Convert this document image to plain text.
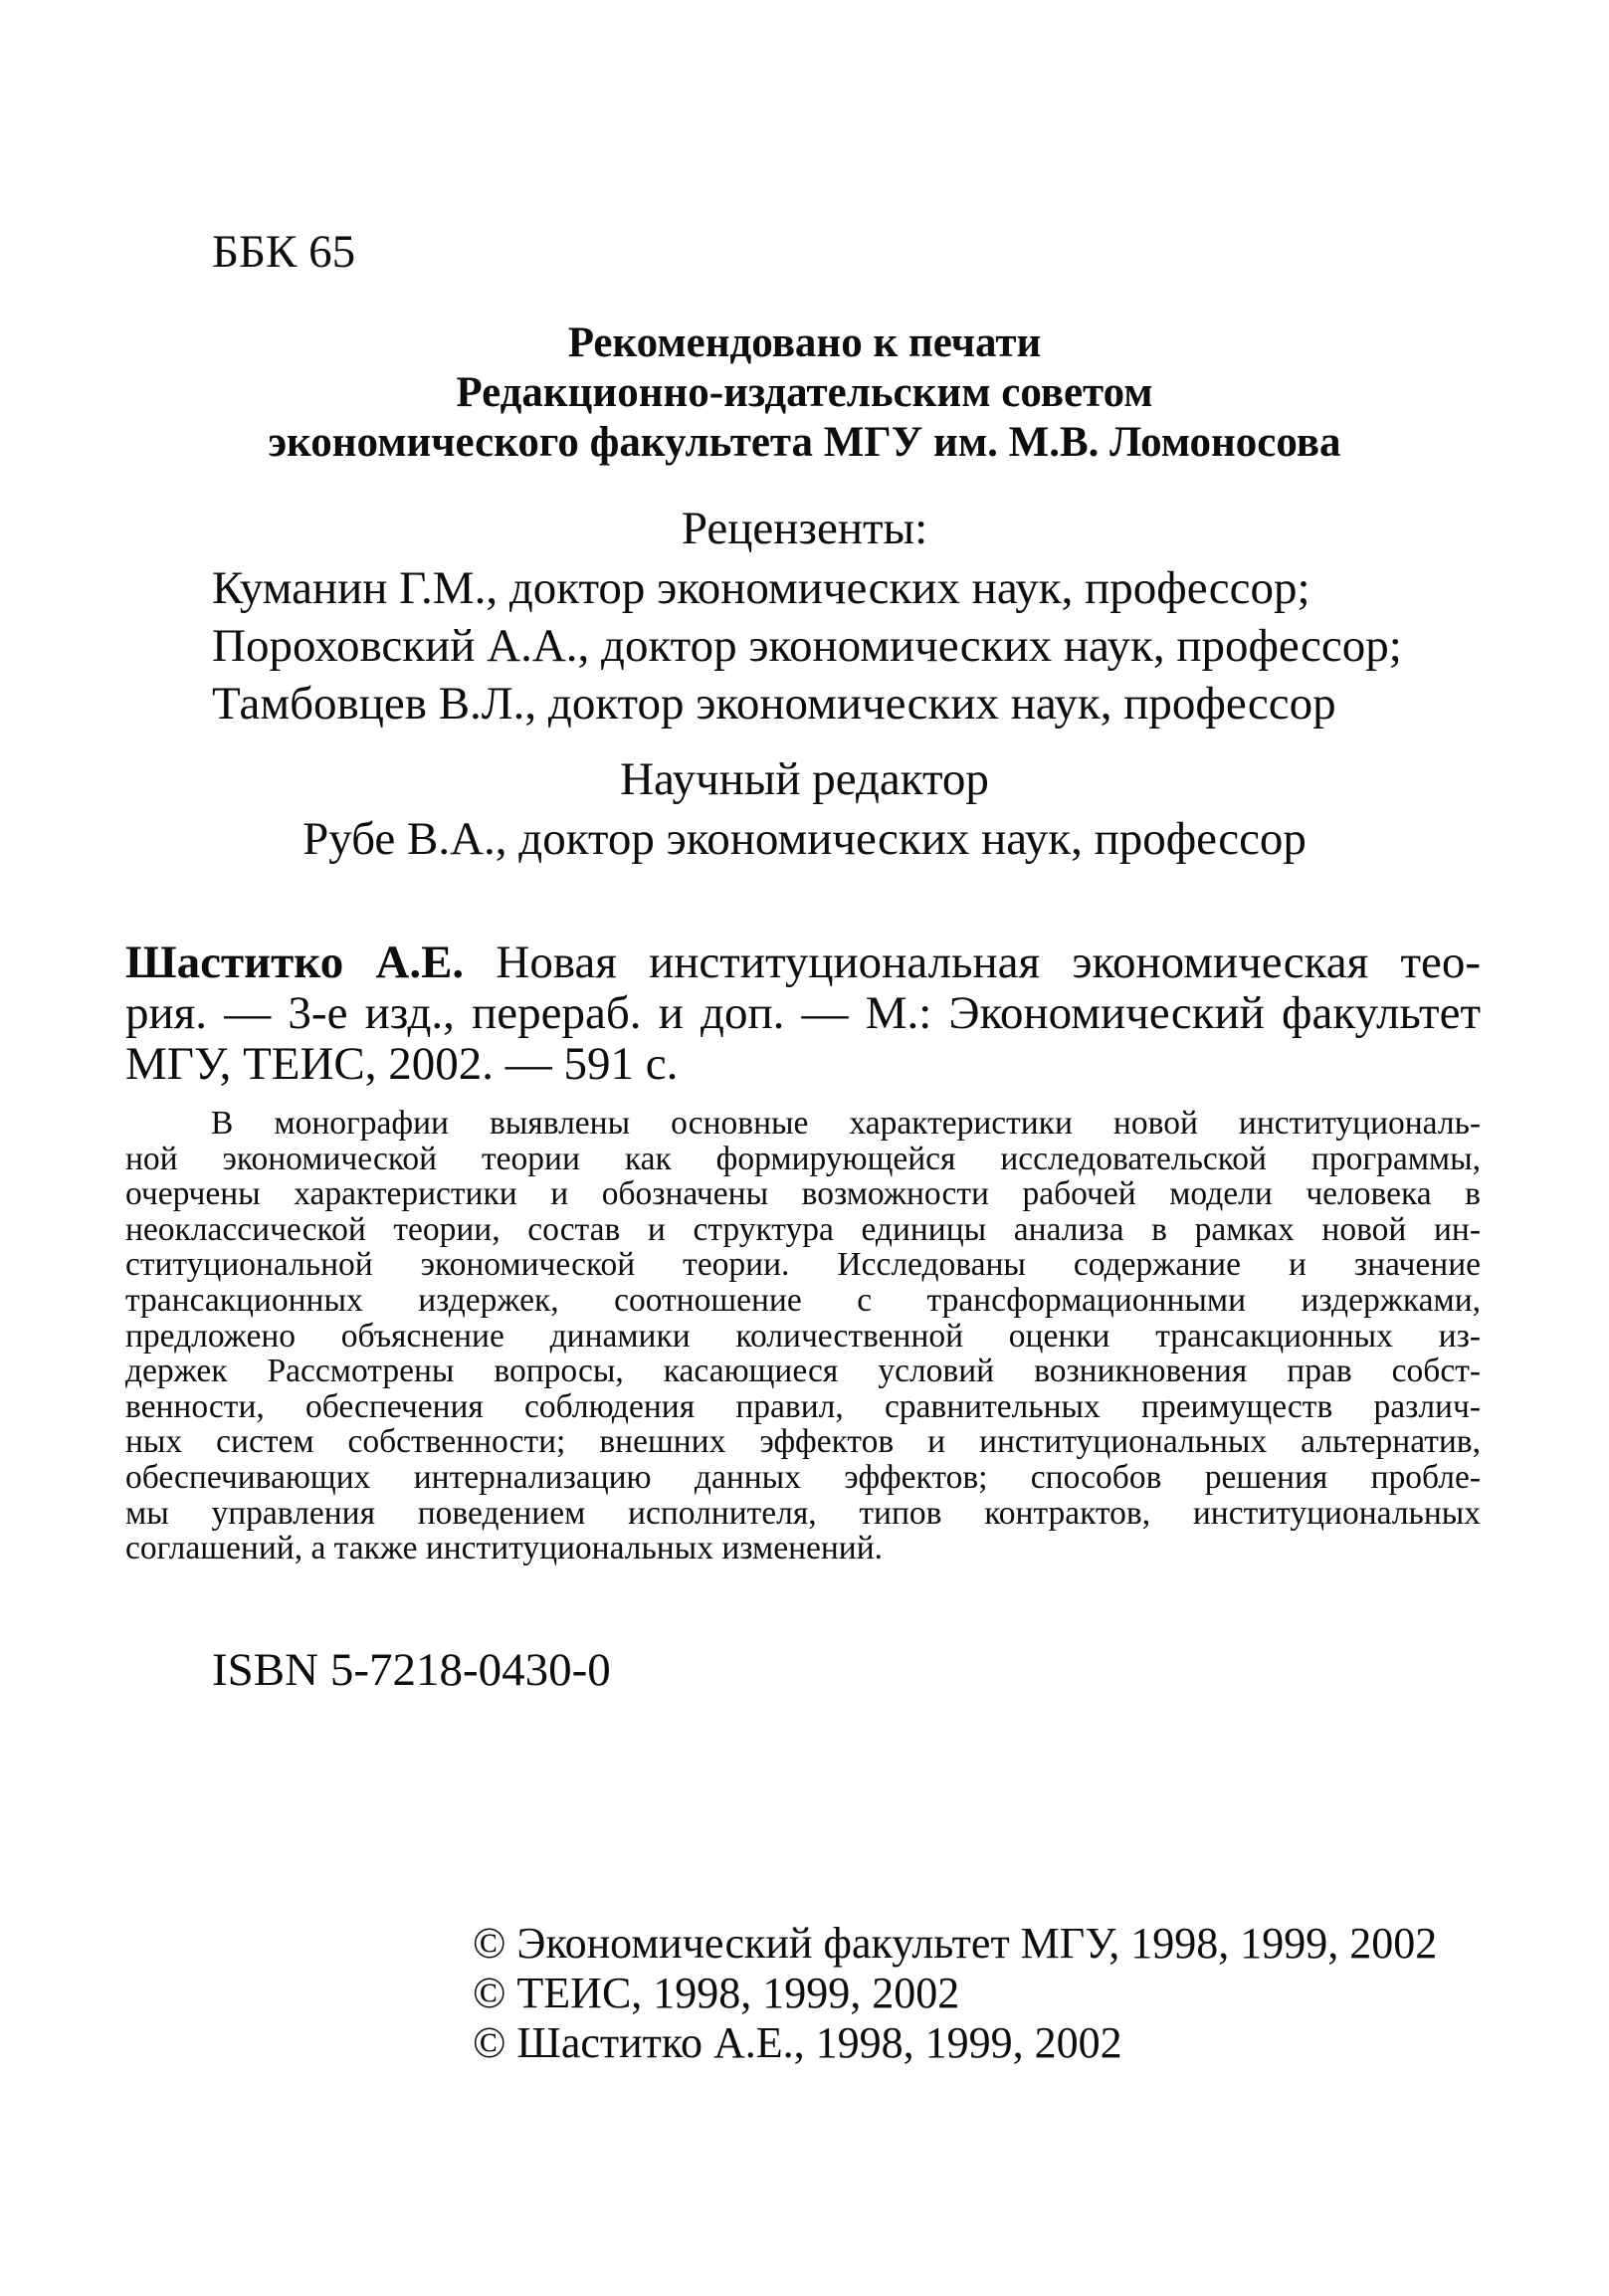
ББК 65
Рекомендовано к печати
Редакционно-издательским советом
экономического факультета МГУ им. М.В. Ломоносова
Рецензенты:
Куманин Г.М., доктор экономических наук, профессор;
Пороховский А.А., доктор экономических наук, профессор;
Тамбовцев В.Л., доктор экономических наук, профессор
Научный редактор
Рубе В.А., доктор экономических наук, профессор
Шаститко А.Е. Новая институциональная экономическая тео-
рия. — 3-е изд., перераб. и доп. — М.: Экономический факультет
МГУ, ТЕИС, 2002. — 591 с.
В монографии выявлены основные характеристики новой институциональ-
ной экономической теории как формирующейся исследовательской программы,
очерчены характеристики и обозначены возможности рабочей модели человека в
неоклассической теории, состав и структура единицы анализа в рамках новой ин-
ституциональной экономической теории. Исследованы содержание и значение
трансакционных издержек, соотношение с трансформационными издержками,
предложено объяснение динамики количественной оценки трансакционных из-
держек Рассмотрены вопросы, касающиеся условий возникновения прав собст-
венности, обеспечения соблюдения правил, сравнительных преимуществ различ-
ных систем собственности; внешних эффектов и институциональных альтернатив,
обеспечивающих интернализацию данных эффектов; способов решения пробле-
мы управления поведением исполнителя, типов контрактов, институциональных
соглашений, а также институциональных изменений.
ISBN 5-7218-0430-0
© Экономический факультет МГУ, 1998, 1999, 2002
© ТЕИС, 1998, 1999, 2002
© Шаститко А.Е., 1998, 1999, 2002
